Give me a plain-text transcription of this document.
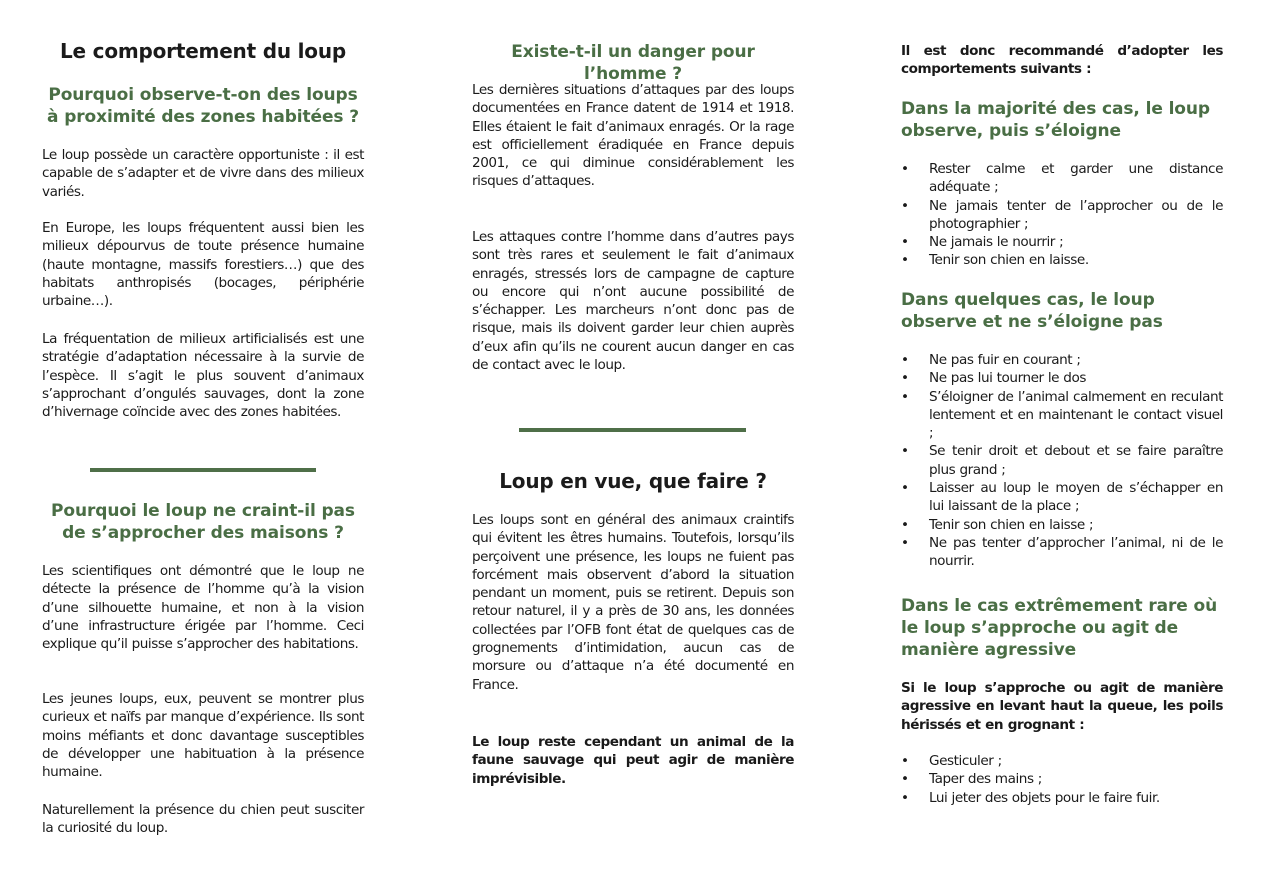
Le comportement du loup
Pourquoi observe-t-on des loups à proximité des zones habitées ?

Le loup possède un caractère opportuniste : il est capable de s’adapter et de vivre dans des milieux variés.

En Europe, les loups fréquentent aussi bien les milieux dépourvus de toute présence humaine (haute montagne, massifs forestiers…) que des habitats anthropisés (bocages, périphérie urbaine…).

La fréquentation de milieux artificialisés est une stratégie d’adaptation nécessaire à la survie de l’espèce. Il s’agit le plus souvent d’animaux s’approchant d’ongulés sauvages, dont la zone d’hivernage coïncide avec des zones habitées.

Pourquoi le loup ne craint-il pas de s’approcher des maisons ?

Les scientifiques ont démontré que le loup ne détecte la présence de l’homme qu’à la vision d’une silhouette humaine, et non à la vision d’une infrastructure érigée par l’homme. Ceci explique qu’il puisse s’approcher des habitations.

Les jeunes loups, eux, peuvent se montrer plus curieux et naïfs par manque d’expérience. Ils sont moins méfiants et donc davantage susceptibles de développer une habituation à la présence humaine.

Naturellement la présence du chien peut susciter la curiosité du loup.

Existe-t-il un danger pour l’homme ?

Les dernières situations d’attaques par des loups documentées en France datent de 1914 et 1918. Elles étaient le fait d’animaux enragés. Or la rage est officiellement éradiquée en France depuis 2001, ce qui diminue considérablement les risques d’attaques.

Les attaques contre l’homme dans d’autres pays sont très rares et seulement le fait d’animaux enragés, stressés lors de campagne de capture ou encore qui n’ont aucune possibilité de s’échapper. Les marcheurs n’ont donc pas de risque, mais ils doivent garder leur chien auprès d’eux afin qu’ils ne courent aucun danger en cas de contact avec le loup.

Loup en vue, que faire ?

Les loups sont en général des animaux craintifs qui évitent les êtres humains. Toutefois, lorsqu’ils perçoivent une présence, les loups ne fuient pas forcément mais observent d’abord la situation pendant un moment, puis se retirent. Depuis son retour naturel, il y a près de 30 ans, les données collectées par l’OFB font état de quelques cas de grognements d’intimidation, aucun cas de morsure ou d’attaque n’a été documenté en France.

Le loup reste cependant un animal de la faune sauvage qui peut agir de manière imprévisible.

Il est donc recommandé d’adopter les comportements suivants :

Dans la majorité des cas, le loup observe, puis s’éloigne
• Rester calme et garder une distance adéquate ;
• Ne jamais tenter de l’approcher ou de le photographier ;
• Ne jamais le nourrir ;
• Tenir son chien en laisse.
Dans quelques cas, le loup observe et ne s’éloigne pas
• Ne pas fuir en courant ;
• Ne pas lui tourner le dos
• S’éloigner de l’animal calmement en reculant lentement et en maintenant le contact visuel ;
• Se tenir droit et debout et se faire paraître plus grand ;
• Laisser au loup le moyen de s’échapper en lui laissant de la place ;
• Tenir son chien en laisse ;
• Ne pas tenter d’approcher l’animal, ni de le nourrir.
Dans le cas extrêmement rare où le loup s’approche ou agit de manière agressive

Si le loup s’approche ou agit de manière agressive en levant haut la queue, les poils hérissés et en grognant :

• Gesticuler ;
• Taper des mains ;
• Lui jeter des objets pour le faire fuir.
